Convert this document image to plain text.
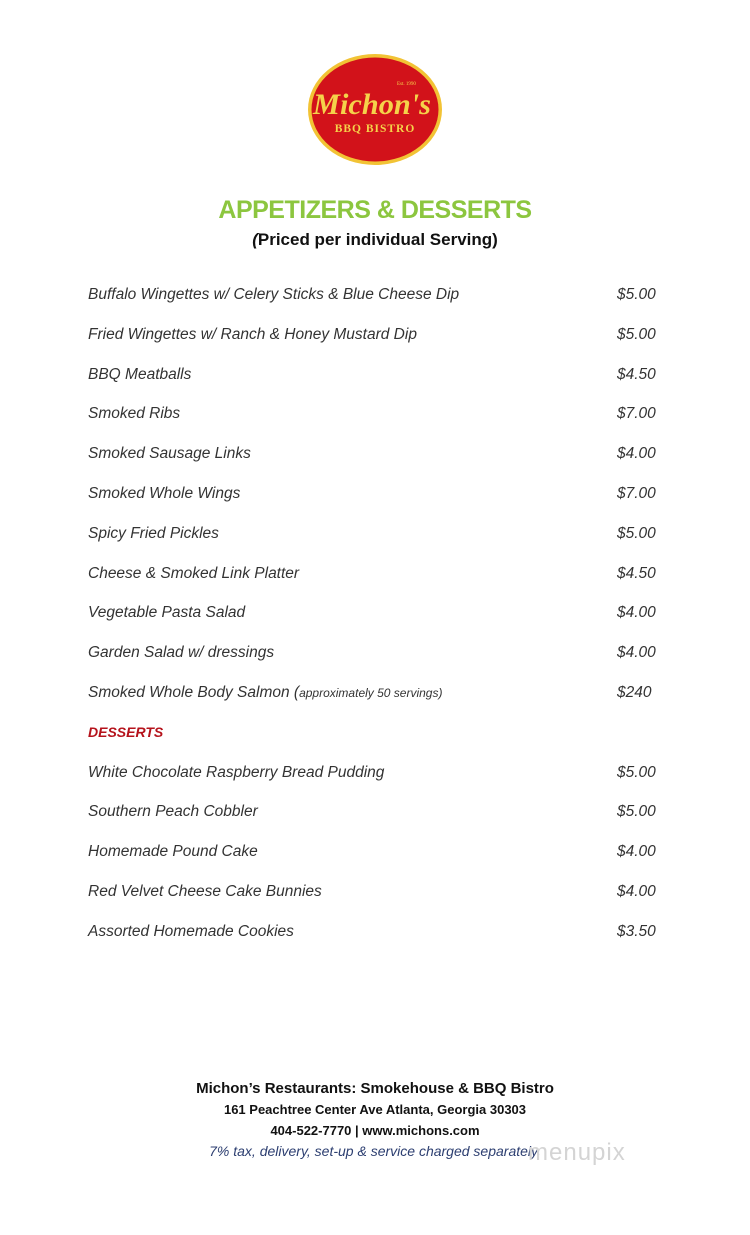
Est. 1990
Michon's
BBQ BISTRO
APPETIZERS & DESSERTS
(Priced per individual Serving)
Buffalo Wingettes w/ Celery Sticks & Blue Cheese Dip	$5.00
Fried Wingettes w/ Ranch & Honey Mustard Dip	$5.00
BBQ Meatballs	$4.50
Smoked Ribs	$7.00
Smoked Sausage Links	$4.00
Smoked Whole Wings	$7.00
Spicy Fried Pickles	$5.00
Cheese & Smoked Link Platter	$4.50
Vegetable Pasta Salad	$4.00
Garden Salad w/ dressings	$4.00
Smoked Whole Body Salmon (approximately 50 servings)	$240
DESSERTS
White Chocolate Raspberry Bread Pudding	$5.00
Southern Peach Cobbler	$5.00
Homemade Pound Cake	$4.00
Red Velvet Cheese Cake Bunnies	$4.00
Assorted Homemade Cookies	$3.50
Michon’s Restaurants: Smokehouse & BBQ Bistro
161 Peachtree Center Ave Atlanta, Georgia 30303
404-522-7770 | www.michons.com
7% tax, delivery, set-up & service charged separately.
menupix
